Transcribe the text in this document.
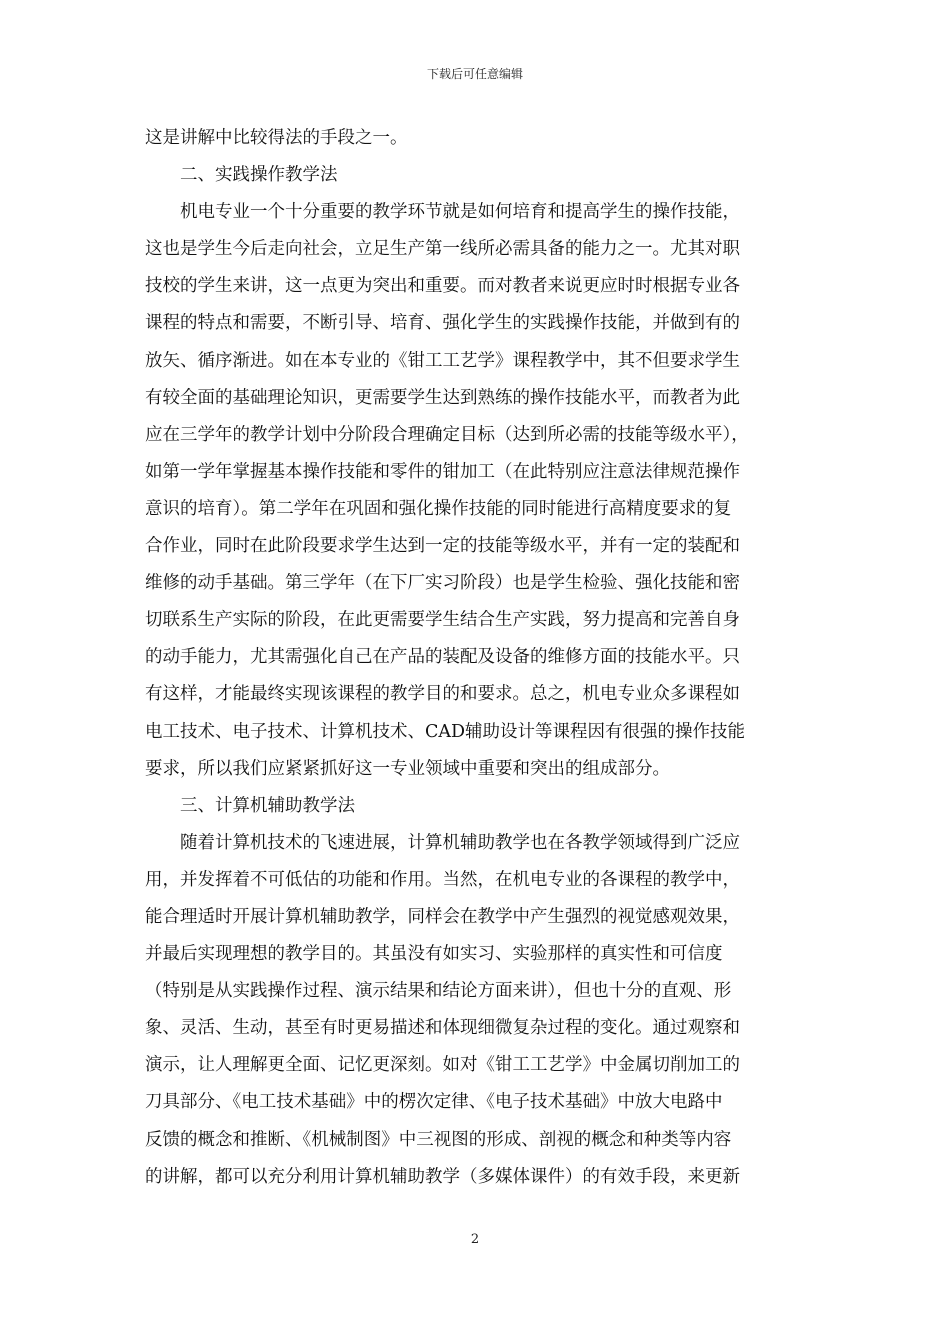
下载后可任意编辑

这是讲解中比较得法的手段之一。

　　二、实践操作教学法

　　机电专业一个十分重要的教学环节就是如何培育和提高学生的操作技能，

这也是学生今后走向社会，立足生产第一线所必需具备的能力之一。尤其对职

技校的学生来讲，这一点更为突出和重要。而对教者来说更应时时根据专业各

课程的特点和需要，不断引导、培育、强化学生的实践操作技能，并做到有的

放矢、循序渐进。如在本专业的《钳工工艺学》课程教学中，其不但要求学生

有较全面的基础理论知识，更需要学生达到熟练的操作技能水平，而教者为此

应在三学年的教学计划中分阶段合理确定目标（达到所必需的技能等级水平），

如第一学年掌握基本操作技能和零件的钳加工（在此特别应注意法律规范操作

意识的培育）。第二学年在巩固和强化操作技能的同时能进行高精度要求的复

合作业，同时在此阶段要求学生达到一定的技能等级水平，并有一定的装配和

维修的动手基础。第三学年（在下厂实习阶段）也是学生检验、强化技能和密

切联系生产实际的阶段，在此更需要学生结合生产实践，努力提高和完善自身

的动手能力，尤其需强化自己在产品的装配及设备的维修方面的技能水平。只

有这样，才能最终实现该课程的教学目的和要求。总之，机电专业众多课程如

电工技术、电子技术、计算机技术、CAD辅助设计等课程因有很强的操作技能

要求，所以我们应紧紧抓好这一专业领域中重要和突出的组成部分。

　　三、计算机辅助教学法

　　随着计算机技术的飞速进展，计算机辅助教学也在各教学领域得到广泛应

用，并发挥着不可低估的功能和作用。当然，在机电专业的各课程的教学中，

能合理适时开展计算机辅助教学，同样会在教学中产生强烈的视觉感观效果，

并最后实现理想的教学目的。其虽没有如实习、实验那样的真实性和可信度

（特别是从实践操作过程、演示结果和结论方面来讲），但也十分的直观、形

象、灵活、生动，甚至有时更易描述和体现细微复杂过程的变化。通过观察和

演示，让人理解更全面、记忆更深刻。如对《钳工工艺学》中金属切削加工的

刀具部分、《电工技术基础》中的楞次定律、《电子技术基础》中放大电路中

反馈的概念和推断、《机械制图》中三视图的形成、剖视的概念和种类等内容

的讲解，都可以充分利用计算机辅助教学（多媒体课件）的有效手段，来更新

2
